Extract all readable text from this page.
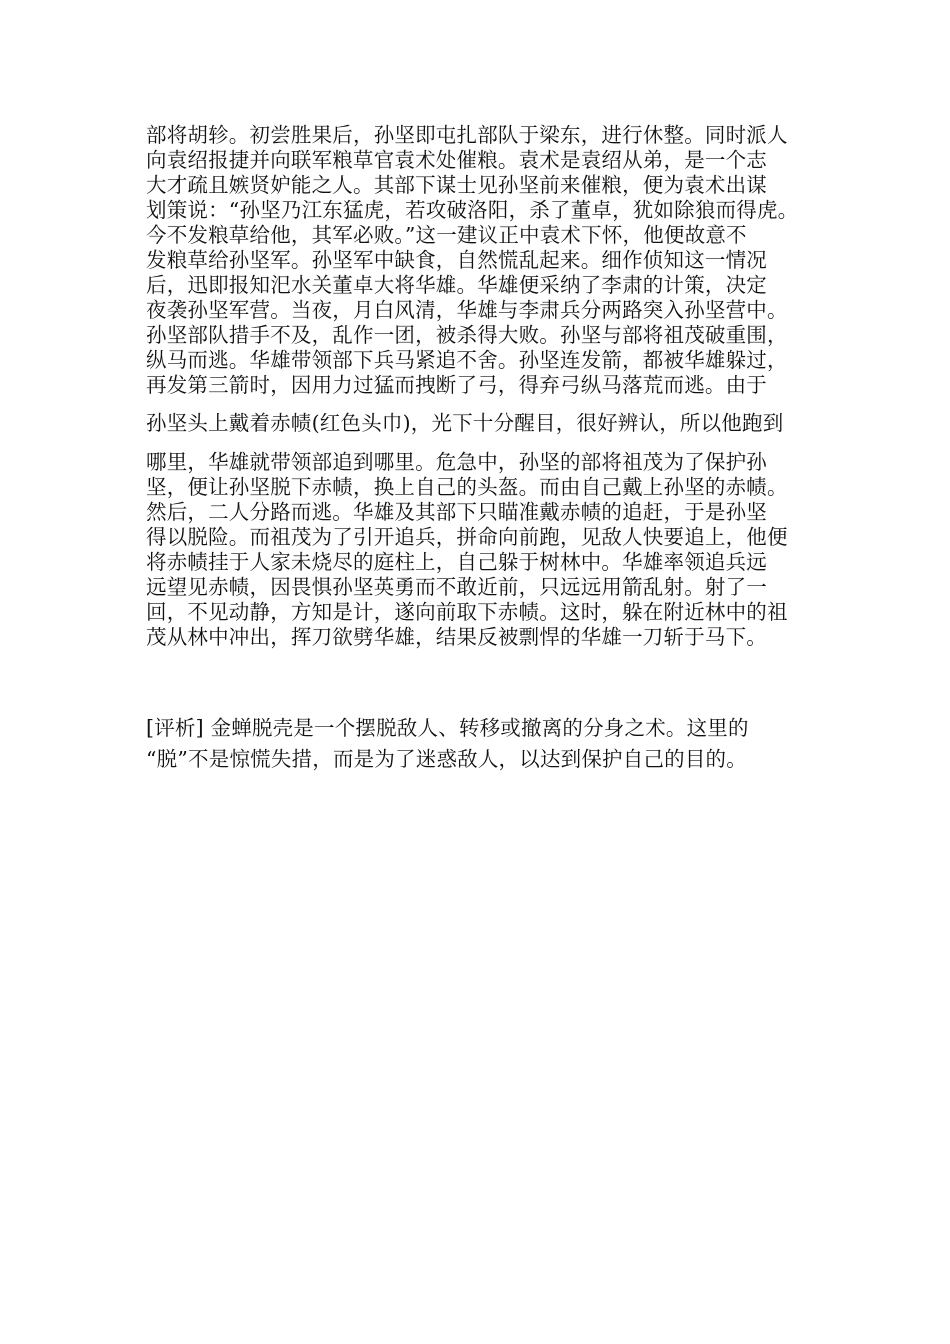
部将胡轸。初尝胜果后，孙坚即屯扎部队于梁东，进行休整。同时派人
向袁绍报捷并向联军粮草官袁术处催粮。袁术是袁绍从弟，是一个志
大才疏且嫉贤妒能之人。其部下谋士见孙坚前来催粮，便为袁术出谋
划策说：“孙坚乃江东猛虎，若攻破洛阳，杀了董卓，犹如除狼而得虎。
今不发粮草给他，其军必败。”这一建议正中袁术下怀，他便故意不
发粮草给孙坚军。孙坚军中缺食，自然慌乱起来。细作侦知这一情况
后，迅即报知汜水关董卓大将华雄。华雄便采纳了李肃的计策，决定
夜袭孙坚军营。当夜，月白风清，华雄与李肃兵分两路突入孙坚营中。
孙坚部队措手不及，乱作一团，被杀得大败。孙坚与部将祖茂破重围，
纵马而逃。华雄带领部下兵马紧追不舍。孙坚连发箭，都被华雄躲过，
再发第三箭时，因用力过猛而拽断了弓，得弃弓纵马落荒而逃。由于
孙坚头上戴着赤帻(红色头巾)，光下十分醒目，很好辨认，所以他跑到
哪里，华雄就带领部追到哪里。危急中，孙坚的部将祖茂为了保护孙
坚，便让孙坚脱下赤帻，换上自己的头盔。而由自己戴上孙坚的赤帻。
然后，二人分路而逃。华雄及其部下只瞄准戴赤帻的追赶，于是孙坚
得以脱险。而祖茂为了引开追兵，拼命向前跑，见敌人快要追上，他便
将赤帻挂于人家未烧尽的庭柱上，自己躲于树林中。华雄率领追兵远
远望见赤帻，因畏惧孙坚英勇而不敢近前，只远远用箭乱射。射了一
回，不见动静，方知是计，遂向前取下赤帻。这时，躲在附近林中的祖
茂从林中冲出，挥刀欲劈华雄，结果反被剽悍的华雄一刀斩于马下。
[评析] 金蝉脱壳是一个摆脱敌人、转移或撤离的分身之术。这里的
“脱”不是惊慌失措，而是为了迷惑敌人，以达到保护自己的目的。
